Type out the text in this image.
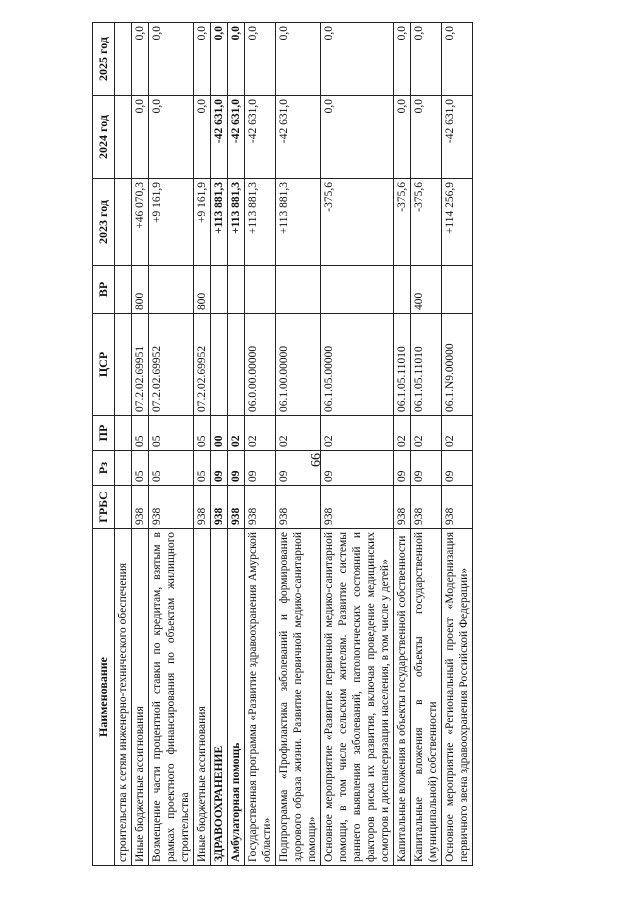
66
Наименование	ГРБС	Рз	ПР	ЦСР	ВР	2023 год	2024 год	2025 год
строительства к сетям инженерно-технического обеспечения								
Иные бюджетные ассигнования	938	05	05	07.2.02.69951	800	+46 070,3	0,0	0,0
Возмещение части процентной ставки по кредитам, взятым в рамках проектного финансирования по объектам жилищного строительства	938	05	05	07.2.02.69952		+9 161,9	0,0	0,0
Иные бюджетные ассигнования	938	05	05	07.2.02.69952	800	+9 161,9	0,0	0,0
ЗДРАВООХРАНЕНИЕ	938	09	00			+113 881,3	-42 631,0	0,0
Амбулаторная помощь	938	09	02			+113 881,3	-42 631,0	0,0
Государственная программа «Развитие здравоохранения Амурской области»	938	09	02	06.0.00.00000		+113 881,3	-42 631,0	0,0
Подпрограмма «Профилактика заболеваний и формирование здорового образа жизни. Развитие первичной медико-санитарной помощи»	938	09	02	06.1.00.00000		+113 881,3	-42 631,0	0,0
Основное мероприятие «Развитие первичной медико-санитарной помощи, в том числе сельским жителям. Развитие системы раннего выявления заболеваний, патологических состояний и факторов риска их развития, включая проведение медицинских осмотров и диспансеризации населения, в том числе у детей»	938	09	02	06.1.05.00000		-375,6	0,0	0,0
Капитальные вложения в объекты государственной собственности	938	09	02	06.1.05.11010		-375,6	0,0	0,0
Капитальные вложения в объекты государственной (муниципальной) собственности	938	09	02	06.1.05.11010	400	-375,6	0,0	0,0
Основное мероприятие «Региональный проект «Модернизация первичного звена здравоохранения Российской Федерации»	938	09	02	06.1.N9.00000		+114 256,9	-42 631,0	0,0
